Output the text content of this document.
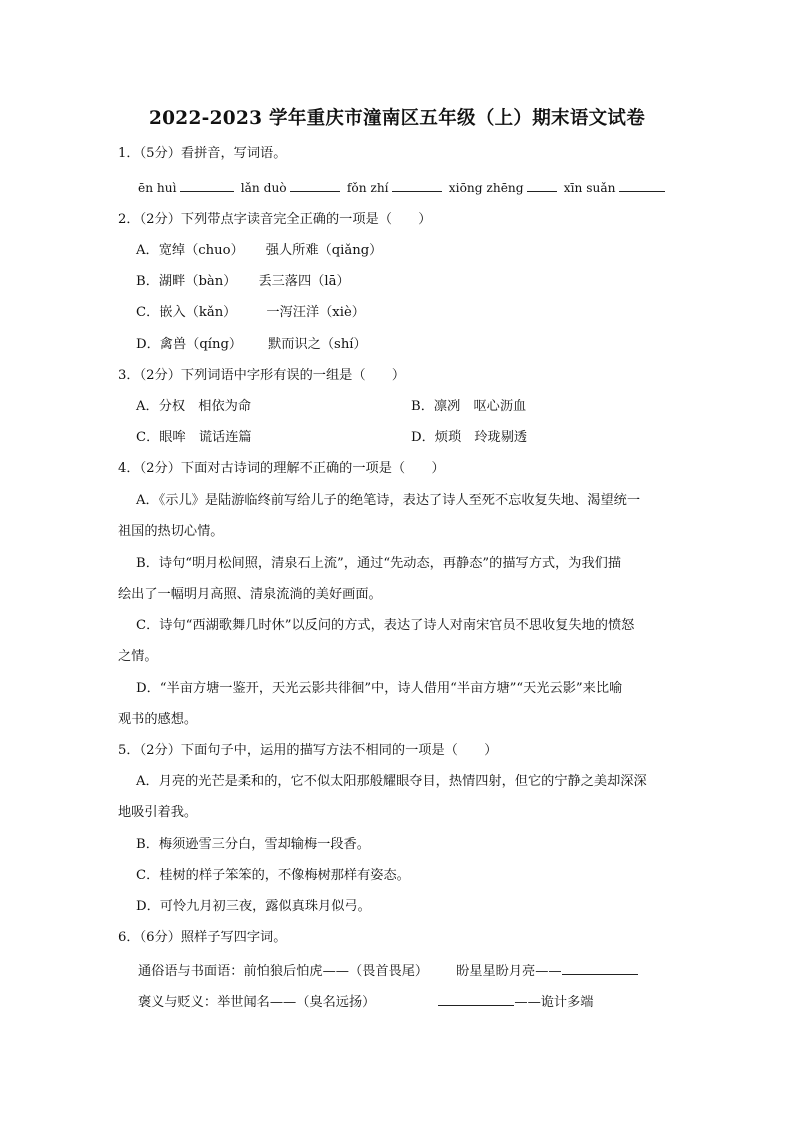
2022-2023 学年重庆市潼南区五年级（上）期末语文试卷
1．（5分）看拼音，写词语。
ēn huì	lǎn duò	fǒn zhí	xiōng zhēng	xīn suǎn
2．（2分）下列带点字读音完全正确的一项是（　　）
A．宽绰（chuo） 强人所难（qiǎng）
B．湖畔（bàn） 丢三落四（lā）
C．嵌入（kǎn） 一泻汪洋（xiè）
D．禽兽（qíng） 默而识之（shí）
3．（2分）下列词语中字形有误的一组是（　　）
A．分权　相依为命	B．凛冽　呕心沥血
C．眼哞　谎话连篇	D．烦琐　玲珑剔透
4．（2分）下面对古诗词的理解不正确的一项是（　　）
A．《示儿》是陆游临终前写给儿子的绝笔诗，表达了诗人至死不忘收复失地、渴望统一
祖国的热切心情。
B．诗句“明月松间照，清泉石上流”，通过“先动态，再静态”的描写方式，为我们描
绘出了一幅明月高照、清泉流淌的美好画面。
C．诗句“西湖歌舞几时休”以反问的方式，表达了诗人对南宋官员不思收复失地的愤怒
之情。
D．“半亩方塘一鉴开，天光云影共徘徊”中，诗人借用“半亩方塘”“天光云影”来比喻
观书的感想。
5．（2分）下面句子中，运用的描写方法不相同的一项是（　　）
A．月亮的光芒是柔和的，它不似太阳那般耀眼夺目，热情四射，但它的宁静之美却深深
地吸引着我。
B．梅须逊雪三分白，雪却输梅一段香。
C．桂树的样子笨笨的，不像梅树那样有姿态。
D．可怜九月初三夜，露似真珠月似弓。
6．（6分）照样子写四字词。
通俗语与书面语：前怕狼后怕虎——（畏首畏尾） 盼星星盼月亮——
褒义与贬义：举世闻名——（臭名远扬）	——诡计多端
